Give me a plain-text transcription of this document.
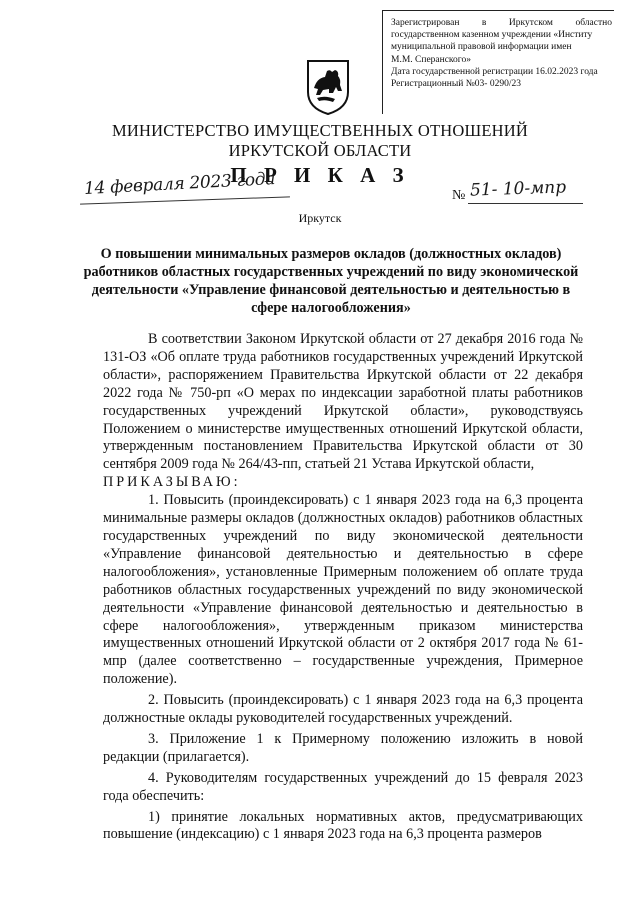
Зарегистрирован в Иркутском областно
государственном казенном учреждении «Институ
муниципальной правовой информации имен
М.М. Сперанского»
Дата государственной регистрации 16.02.2023 года
Регистрационный №03- 0290/23
МИНИСТЕРСТВО ИМУЩЕСТВЕННЫХ ОТНОШЕНИЙ
ИРКУТСКОЙ ОБЛАСТИ
П Р И К А З
14 февраля 2023 года	№ 51- 10-мпр
Иркутск
О повышении минимальных размеров окладов (должностных окладов) работников областных государственных учреждений по виду экономической деятельности «Управление финансовой деятельностью и деятельностью в сфере налогообложения»

В соответствии Законом Иркутской области от 27 декабря 2016 года № 131-ОЗ «Об оплате труда работников государственных учреждений Иркутской области», распоряжением Правительства Иркутской области от 22 декабря 2022 года № 750-рп «О мерах по индексации заработной платы работников государственных учреждений Иркутской области», руководствуясь Положением о министерстве имущественных отношений Иркутской области, утвержденным постановлением Правительства Иркутской области от 30 сентября 2009 года № 264/43-пп, статьей 21 Устава Иркутской области,

ПРИКАЗЫВАЮ:

1. Повысить (проиндексировать) с 1 января 2023 года на 6,3 процента минимальные размеры окладов (должностных окладов) работников областных государственных учреждений по виду экономической деятельности «Управление финансовой деятельностью и деятельностью в сфере налогообложения», установленные Примерным положением об оплате труда работников областных государственных учреждений по виду экономической деятельности «Управление финансовой деятельностью и деятельностью в сфере налогообложения», утвержденным приказом министерства имущественных отношений Иркутской области от 2 октября 2017 года № 61-мпр (далее соответственно – государственные учреждения, Примерное положение).

2. Повысить (проиндексировать) с 1 января 2023 года на 6,3 процента должностные оклады руководителей государственных учреждений.

3. Приложение 1 к Примерному положению изложить в новой редакции (прилагается).

4. Руководителям государственных учреждений до 15 февраля 2023 года обеспечить:

1) принятие локальных нормативных актов, предусматривающих повышение (индексацию) с 1 января 2023 года на 6,3 процента размеров
